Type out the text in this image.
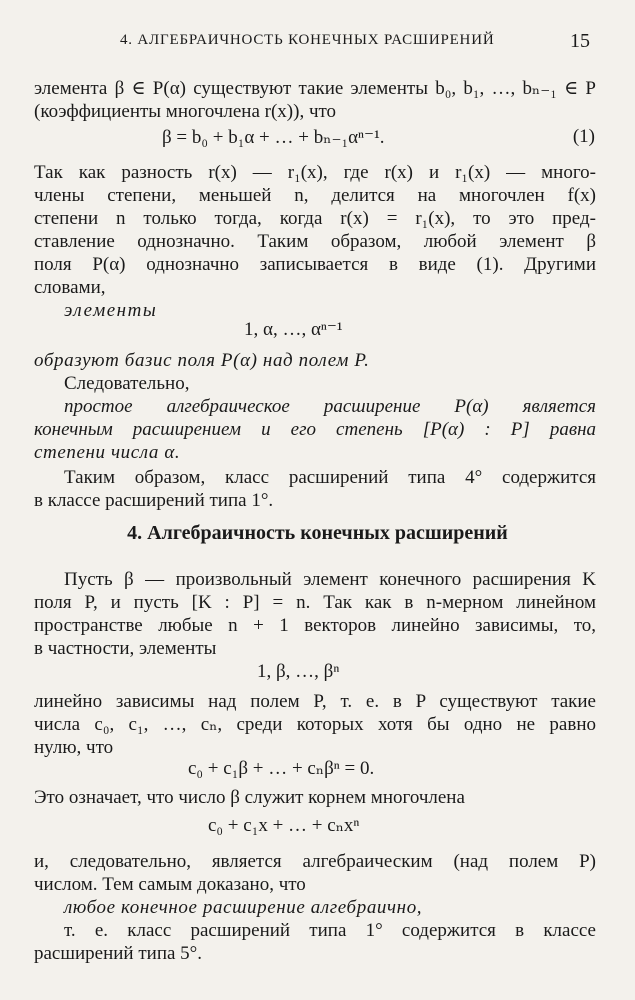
4. АЛГЕБРАИЧНОСТЬ КОНЕЧНЫХ РАСШИРЕНИЙ	15
элемента β ∈ P(α) существуют такие элементы b₀, b₁, …, bₙ₋₁ ∈ P
(коэффициенты многочлена r(x)), что
β = b₀ + b₁α + … + bₙ₋₁αⁿ⁻¹.	(1)
Так как разность r(x) — r₁(x), где r(x) и r₁(x) — много-
члены степени, меньшей n, делится на многочлен f(x)
степени n только тогда, когда r(x) = r₁(x), то это пред-
ставление однозначно. Таким образом, любой элемент β
поля P(α) однозначно записывается в виде (1). Другими
словами,
элементы
1, α, …, αⁿ⁻¹
образуют базис поля P(α) над полем P.
Следовательно,
простое алгебраическое расширение P(α) является
конечным расширением и его степень [P(α) : P] равна
степени числа α.
Таким образом, класс расширений типа 4° содержится
в классе расширений типа 1°.
4. Алгебраичность конечных расширений
Пусть β — произвольный элемент конечного расширения K
поля P, и пусть [K : P] = n. Так как в n-мерном линейном
пространстве любые n + 1 векторов линейно зависимы, то,
в частности, элементы
1, β, …, βⁿ
линейно зависимы над полем P, т. е. в P существуют такие
числа c₀, c₁, …, cₙ, среди которых хотя бы одно не равно
нулю, что
c₀ + c₁β + … + cₙβⁿ = 0.
Это означает, что число β служит корнем многочлена
c₀ + c₁x + … + cₙxⁿ
и, следовательно, является алгебраическим (над полем P)
числом. Тем самым доказано, что
любое конечное расширение алгебраично,
т. е. класс расширений типа 1° содержится в классе
расширений типа 5°.
